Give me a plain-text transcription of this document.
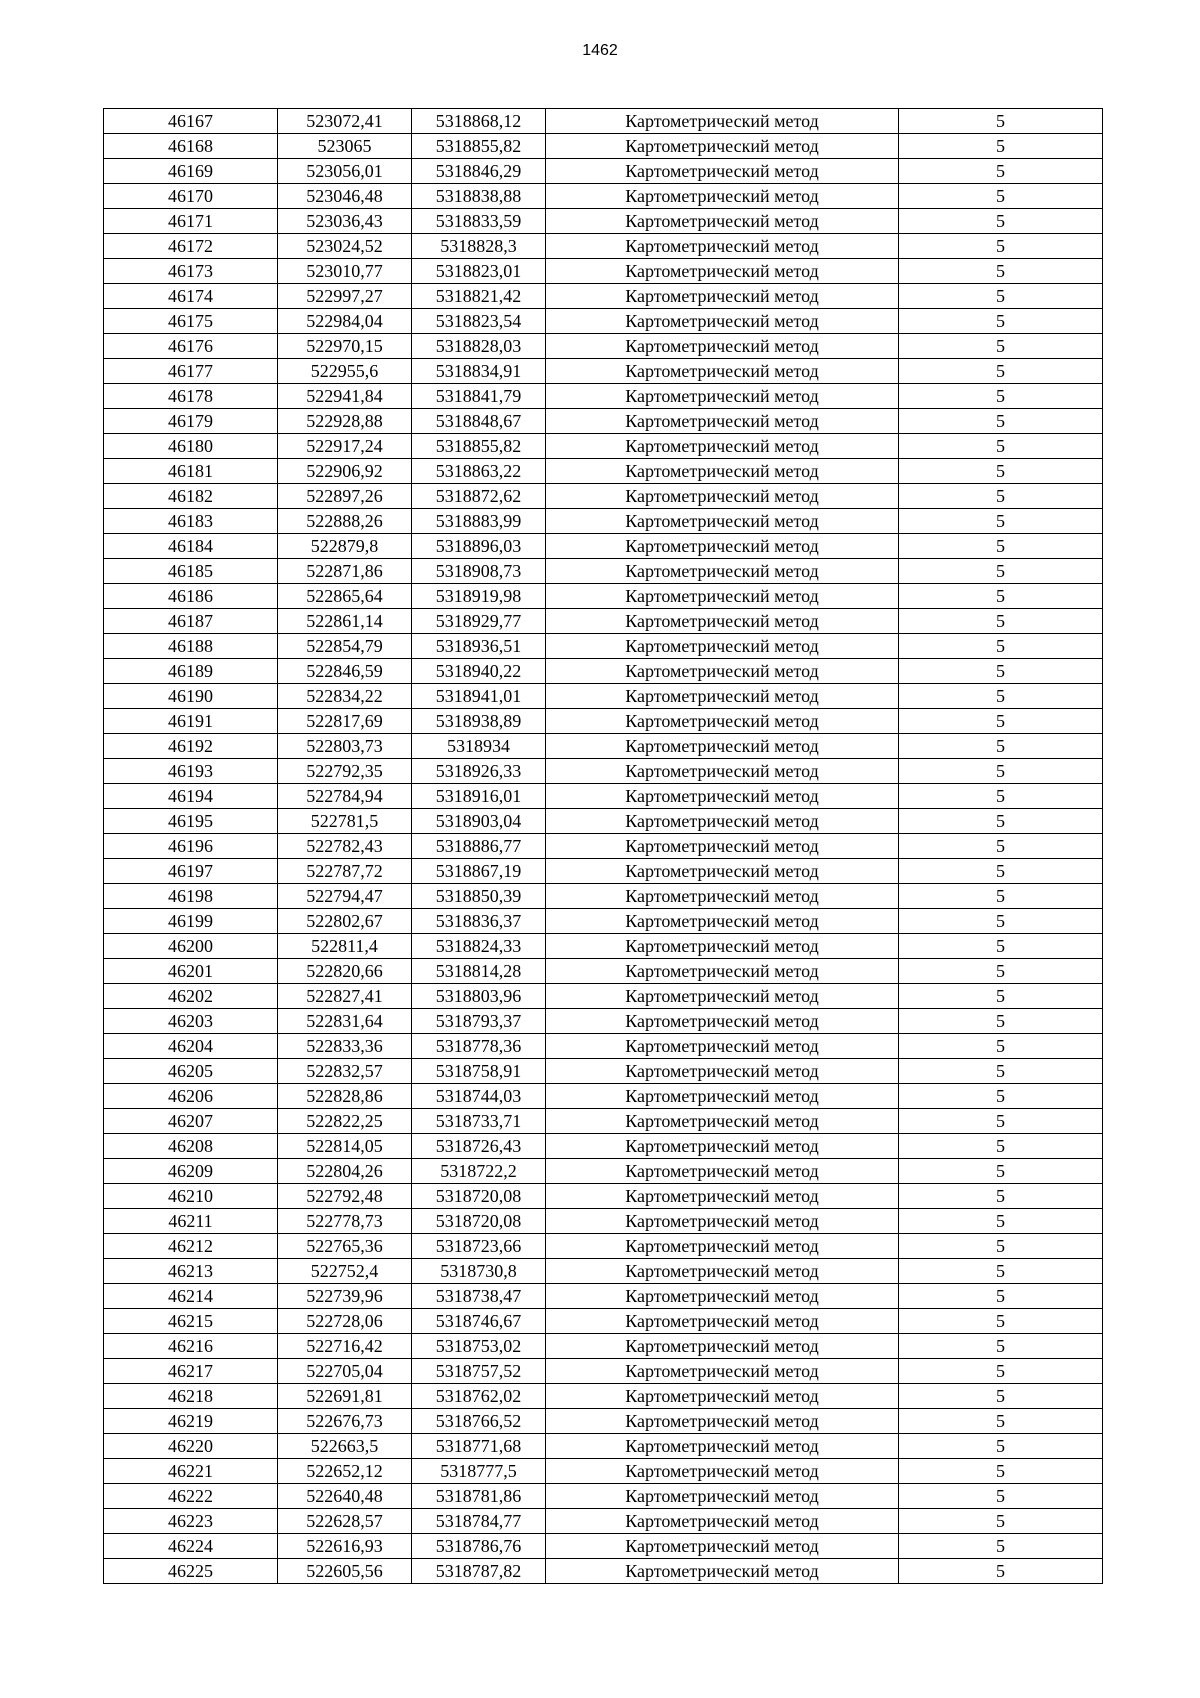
1462
46167	523072,41	5318868,12	Картометрический метод	5
46168	523065	5318855,82	Картометрический метод	5
46169	523056,01	5318846,29	Картометрический метод	5
46170	523046,48	5318838,88	Картометрический метод	5
46171	523036,43	5318833,59	Картометрический метод	5
46172	523024,52	5318828,3	Картометрический метод	5
46173	523010,77	5318823,01	Картометрический метод	5
46174	522997,27	5318821,42	Картометрический метод	5
46175	522984,04	5318823,54	Картометрический метод	5
46176	522970,15	5318828,03	Картометрический метод	5
46177	522955,6	5318834,91	Картометрический метод	5
46178	522941,84	5318841,79	Картометрический метод	5
46179	522928,88	5318848,67	Картометрический метод	5
46180	522917,24	5318855,82	Картометрический метод	5
46181	522906,92	5318863,22	Картометрический метод	5
46182	522897,26	5318872,62	Картометрический метод	5
46183	522888,26	5318883,99	Картометрический метод	5
46184	522879,8	5318896,03	Картометрический метод	5
46185	522871,86	5318908,73	Картометрический метод	5
46186	522865,64	5318919,98	Картометрический метод	5
46187	522861,14	5318929,77	Картометрический метод	5
46188	522854,79	5318936,51	Картометрический метод	5
46189	522846,59	5318940,22	Картометрический метод	5
46190	522834,22	5318941,01	Картометрический метод	5
46191	522817,69	5318938,89	Картометрический метод	5
46192	522803,73	5318934	Картометрический метод	5
46193	522792,35	5318926,33	Картометрический метод	5
46194	522784,94	5318916,01	Картометрический метод	5
46195	522781,5	5318903,04	Картометрический метод	5
46196	522782,43	5318886,77	Картометрический метод	5
46197	522787,72	5318867,19	Картометрический метод	5
46198	522794,47	5318850,39	Картометрический метод	5
46199	522802,67	5318836,37	Картометрический метод	5
46200	522811,4	5318824,33	Картометрический метод	5
46201	522820,66	5318814,28	Картометрический метод	5
46202	522827,41	5318803,96	Картометрический метод	5
46203	522831,64	5318793,37	Картометрический метод	5
46204	522833,36	5318778,36	Картометрический метод	5
46205	522832,57	5318758,91	Картометрический метод	5
46206	522828,86	5318744,03	Картометрический метод	5
46207	522822,25	5318733,71	Картометрический метод	5
46208	522814,05	5318726,43	Картометрический метод	5
46209	522804,26	5318722,2	Картометрический метод	5
46210	522792,48	5318720,08	Картометрический метод	5
46211	522778,73	5318720,08	Картометрический метод	5
46212	522765,36	5318723,66	Картометрический метод	5
46213	522752,4	5318730,8	Картометрический метод	5
46214	522739,96	5318738,47	Картометрический метод	5
46215	522728,06	5318746,67	Картометрический метод	5
46216	522716,42	5318753,02	Картометрический метод	5
46217	522705,04	5318757,52	Картометрический метод	5
46218	522691,81	5318762,02	Картометрический метод	5
46219	522676,73	5318766,52	Картометрический метод	5
46220	522663,5	5318771,68	Картометрический метод	5
46221	522652,12	5318777,5	Картометрический метод	5
46222	522640,48	5318781,86	Картометрический метод	5
46223	522628,57	5318784,77	Картометрический метод	5
46224	522616,93	5318786,76	Картометрический метод	5
46225	522605,56	5318787,82	Картометрический метод	5
